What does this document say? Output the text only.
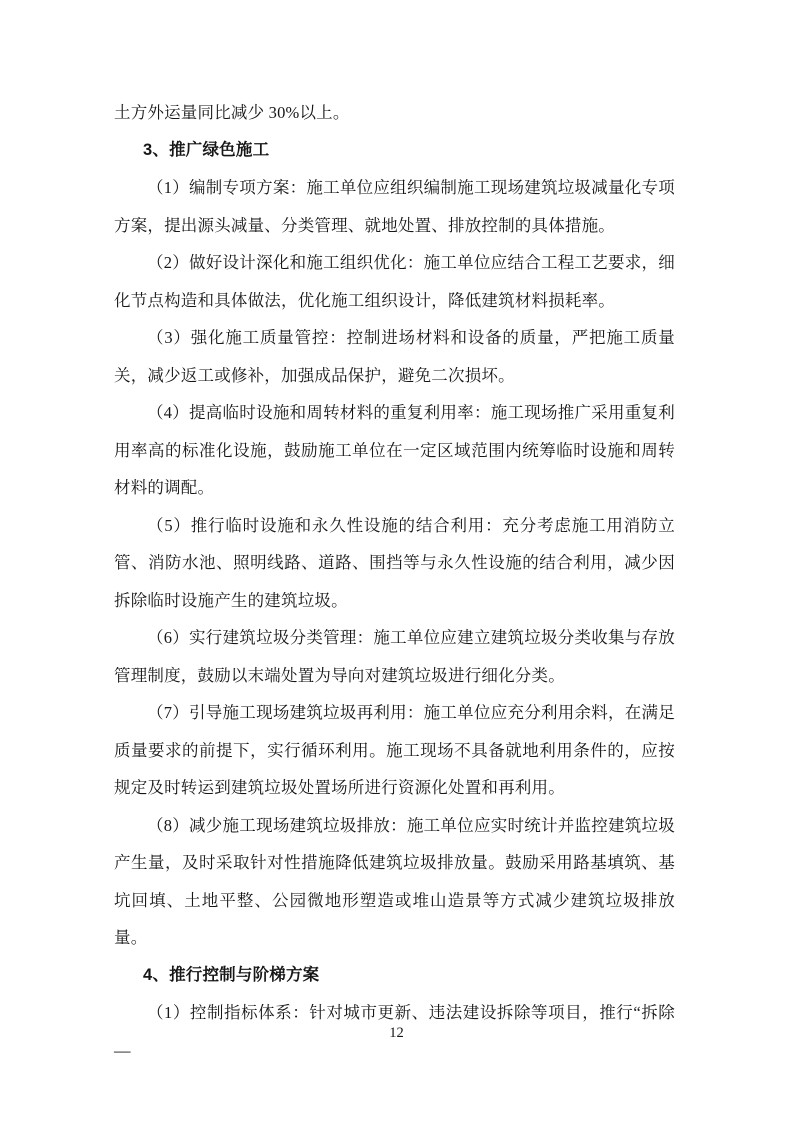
土方外运量同比减少 30%以上。

3、推广绿色施工

（1）编制专项方案：施工单位应组织编制施工现场建筑垃圾减量化专项方案，提出源头减量、分类管理、就地处置、排放控制的具体措施。

（2）做好设计深化和施工组织优化：施工单位应结合工程工艺要求，细化节点构造和具体做法，优化施工组织设计，降低建筑材料损耗率。

（3）强化施工质量管控：控制进场材料和设备的质量，严把施工质量关，减少返工或修补，加强成品保护，避免二次损坏。

（4）提高临时设施和周转材料的重复利用率：施工现场推广采用重复利用率高的标准化设施，鼓励施工单位在一定区域范围内统筹临时设施和周转材料的调配。

（5）推行临时设施和永久性设施的结合利用：充分考虑施工用消防立管、消防水池、照明线路、道路、围挡等与永久性设施的结合利用，减少因拆除临时设施产生的建筑垃圾。

（6）实行建筑垃圾分类管理：施工单位应建立建筑垃圾分类收集与存放管理制度，鼓励以末端处置为导向对建筑垃圾进行细化分类。

（7）引导施工现场建筑垃圾再利用：施工单位应充分利用余料，在满足质量要求的前提下，实行循环利用。施工现场不具备就地利用条件的，应按规定及时转运到建筑垃圾处置场所进行资源化处置和再利用。

（8）减少施工现场建筑垃圾排放：施工单位应实时统计并监控建筑垃圾产生量，及时采取针对性措施降低建筑垃圾排放量。鼓励采用路基填筑、基坑回填、土地平整、公园微地形塑造或堆山造景等方式减少建筑垃圾排放量。

4、推行控制与阶梯方案

（1）控制指标体系：针对城市更新、违法建设拆除等项目，推行“拆除—

12
